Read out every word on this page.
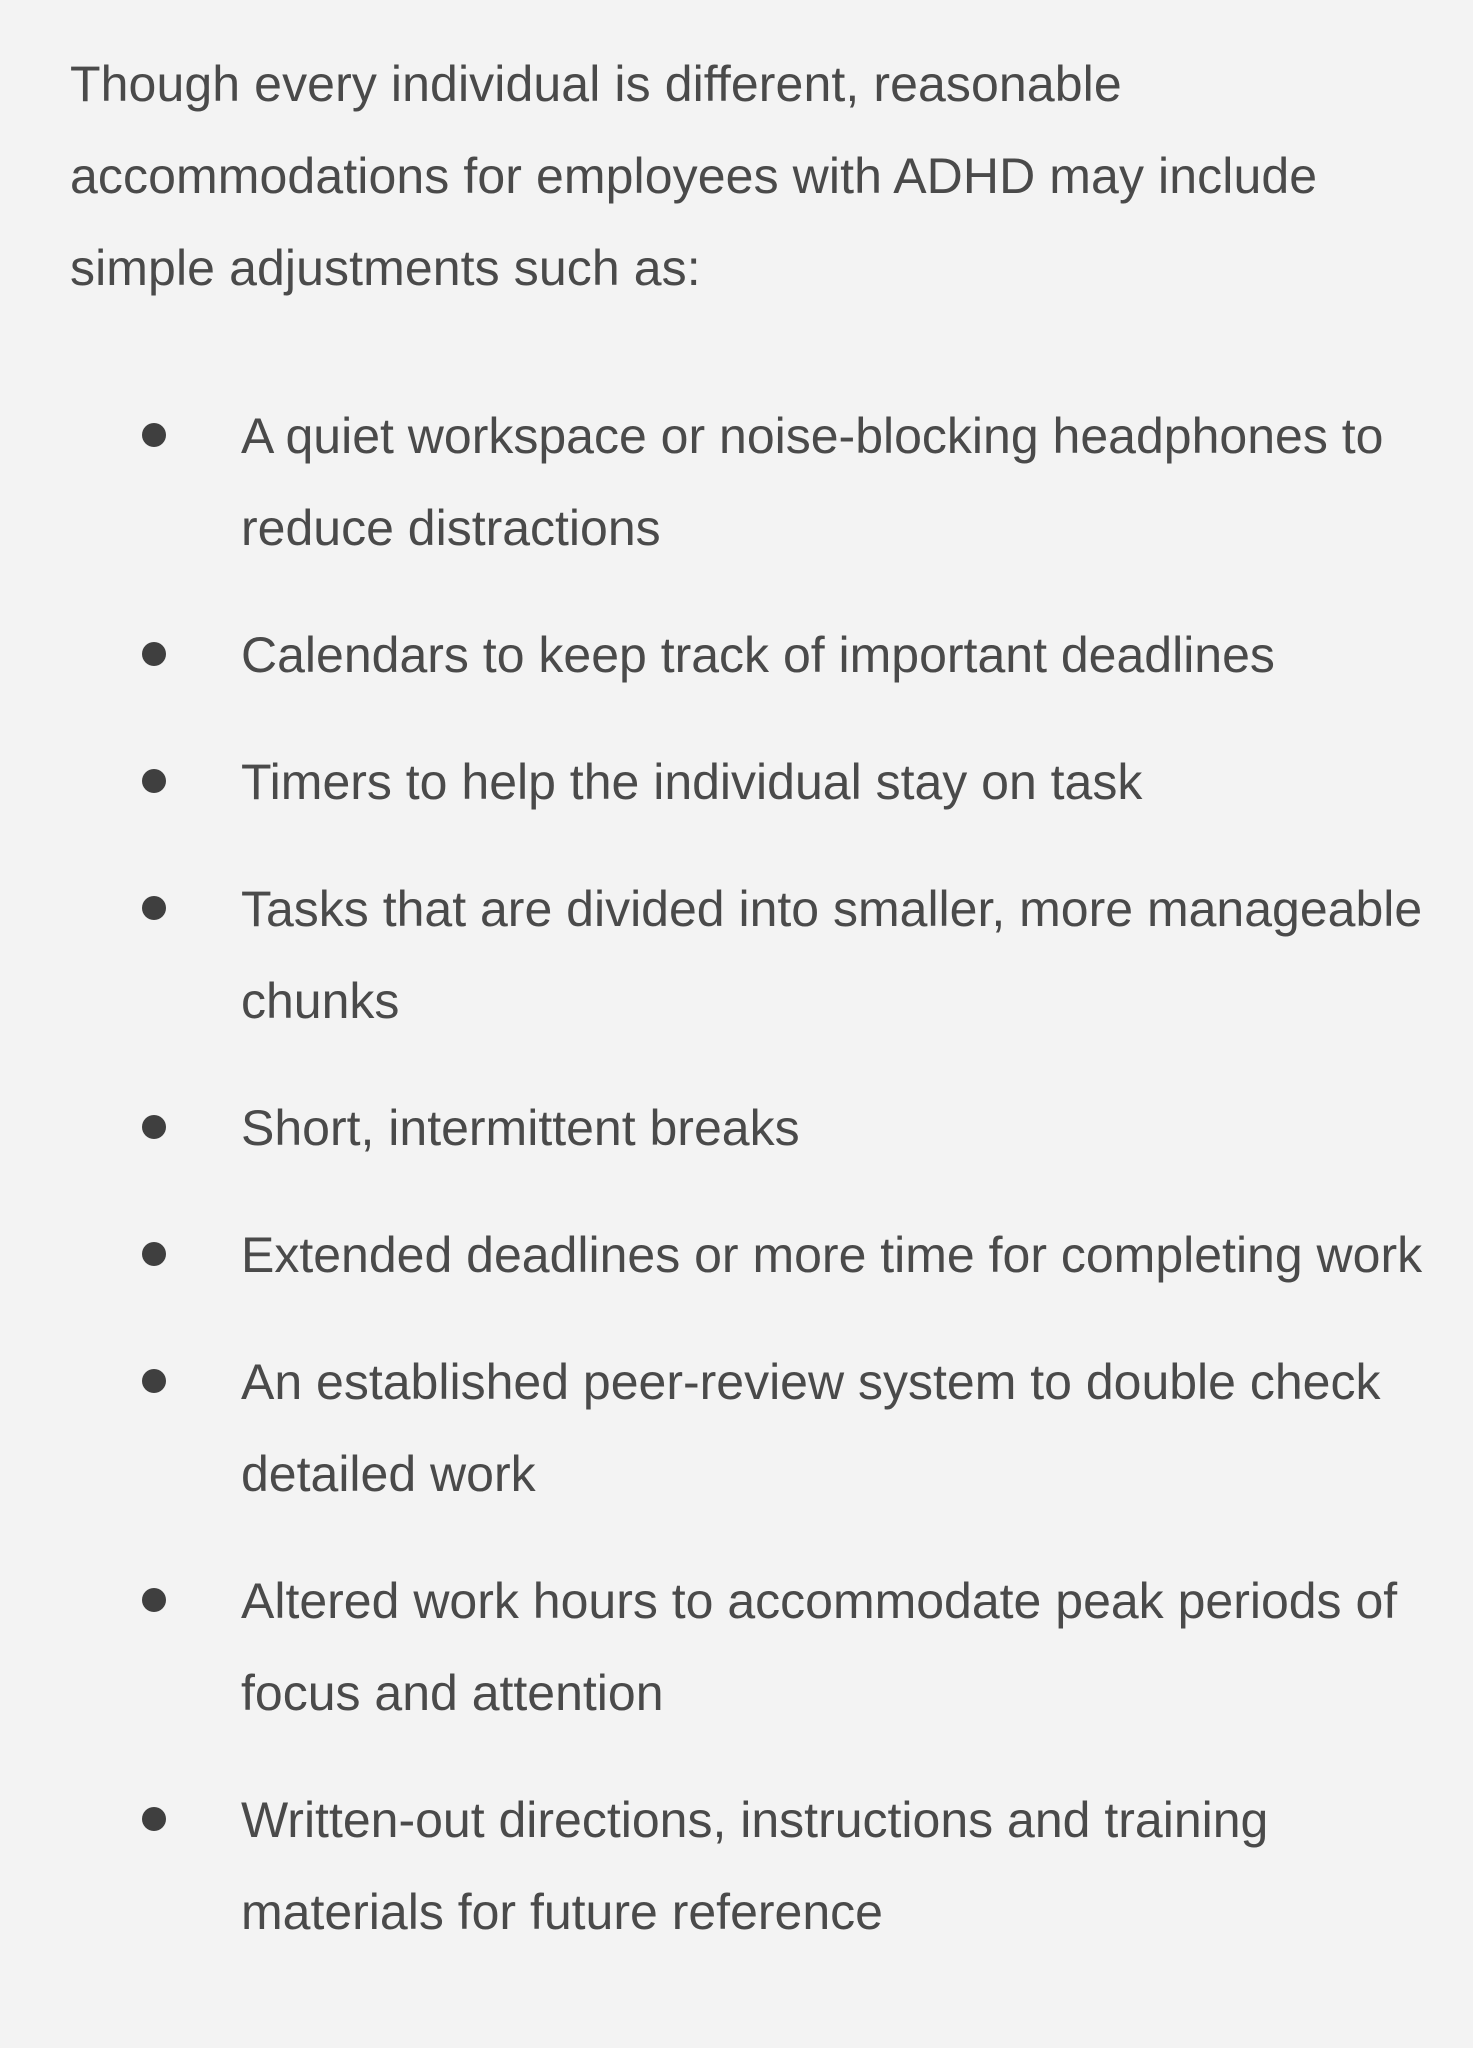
Though every individual is different, reasonable accommodations for employees with ADHD may include simple adjustments such as:

A quiet workspace or noise-blocking headphones to reduce distractions
Calendars to keep track of important deadlines
Timers to help the individual stay on task
Tasks that are divided into smaller, more manageable chunks
Short, intermittent breaks
Extended deadlines or more time for completing work
An established peer-review system to double check detailed work
Altered work hours to accommodate peak periods of focus and attention
Written-out directions, instructions and training materials for future reference
